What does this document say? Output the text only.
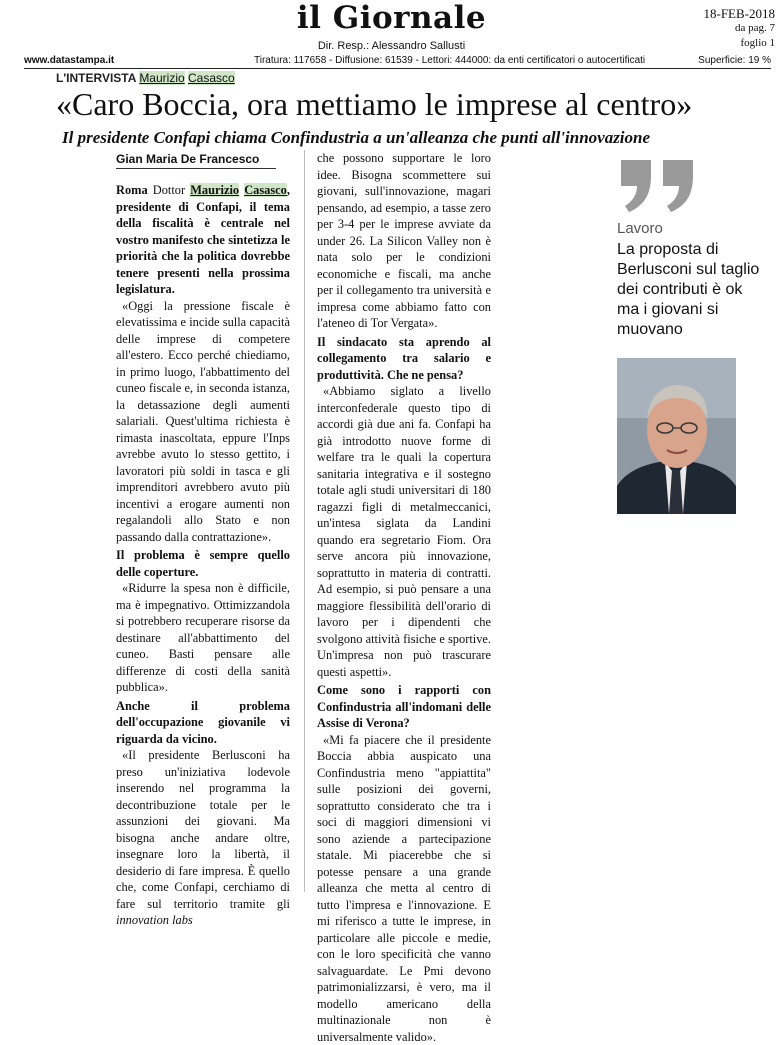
il Giornale	18-FEB-2018
da pag. 7
foglio 1
Dir. Resp.: Alessandro Sallusti
www.datastampa.it	Tiratura: 117658 - Diffusione: 61539 - Lettori: 444000: da enti certificatori o autocertificati	Superficie: 19 %
L'INTERVISTA Maurizio Casasco
«Caro Boccia, ora mettiamo le imprese al centro»
Il presidente Confapi chiama Confindustria a un'alleanza che punti all'innovazione
Gian Maria De Francesco

Roma Dottor Maurizio Casasco, presidente di Confapi, il tema della fiscalità è centrale nel vostro manifesto che sintetizza le priorità che la politica dovrebbe tenere presenti nella prossima legislatura.

«Oggi la pressione fiscale è elevatissima e incide sulla capacità delle imprese di competere all'estero. Ecco perché chiediamo, in primo luogo, l'abbattimento del cuneo fiscale e, in seconda istanza, la detassazione degli aumenti salariali. Quest'ultima richiesta è rimasta inascoltata, eppure l'Inps avrebbe avuto lo stesso gettito, i lavoratori più soldi in tasca e gli imprenditori avrebbero avuto più incentivi a erogare aumenti non regalandoli allo Stato e non passando dalla contrattazione».

Il problema è sempre quello delle coperture.

«Ridurre la spesa non è difficile, ma è impegnativo. Ottimizzandola si potrebbero recuperare risorse da destinare all'abbattimento del cuneo. Basti pensare alle differenze di costi della sanità pubblica».

Anche il problema dell'occupazione giovanile vi riguarda da vicino.

«Il presidente Berlusconi ha preso un'iniziativa lodevole inserendo nel programma la decontribuzione totale per le assunzioni dei giovani. Ma bisogna anche andare oltre, insegnare loro la libertà, il desiderio di fare impresa. È quello che, come Confapi, cerchiamo di fare sul territorio tramite gli innovation labs

che possono supportare le loro idee. Bisogna scommettere sui giovani, sull'innovazione, magari pensando, ad esempio, a tasse zero per 3-4 per le imprese avviate da under 26. La Silicon Valley non è nata solo per le condizioni economiche e fiscali, ma anche per il collegamento tra università e impresa come abbiamo fatto con l'ateneo di Tor Vergata».

Il sindacato sta aprendo al collegamento tra salario e produttività. Che ne pensa?

«Abbiamo siglato a livello interconfederale questo tipo di accordi già due ani fa. Confapi ha già introdotto nuove forme di welfare tra le quali la copertura sanitaria integrativa e il sostegno totale agli studi universitari di 180 ragazzi figli di metalmeccanici, un'intesa siglata da Landini quando era segretario Fiom. Ora serve ancora più innovazione, soprattutto in materia di contratti. Ad esempio, si può pensare a una maggiore flessibilità dell'orario di lavoro per i dipendenti che svolgono attività fisiche e sportive. Un'impresa non può trascurare questi aspetti».

Come sono i rapporti con Confindustria all'indomani delle Assise di Verona?

«Mi fa piacere che il presidente Boccia abbia auspicato una Confindustria meno "appiattita" sulle posizioni dei governi, soprattutto considerato che tra i soci di maggiori dimensioni vi sono aziende a partecipazione statale. Mi piacerebbe che si potesse pensare a una grande alleanza che metta al centro di tutto l'impresa e l'innovazione. E mi riferisco a tutte le imprese, in particolare alle piccole e medie, con le loro specificità che vanno salvaguardate. Le Pmi devono patrimonializzarsi, è vero, ma il modello americano della multinazionale non è universalmente valido».

Lavoro
La proposta di Berlusconi sul taglio dei contributi è ok ma i giovani si muovano
